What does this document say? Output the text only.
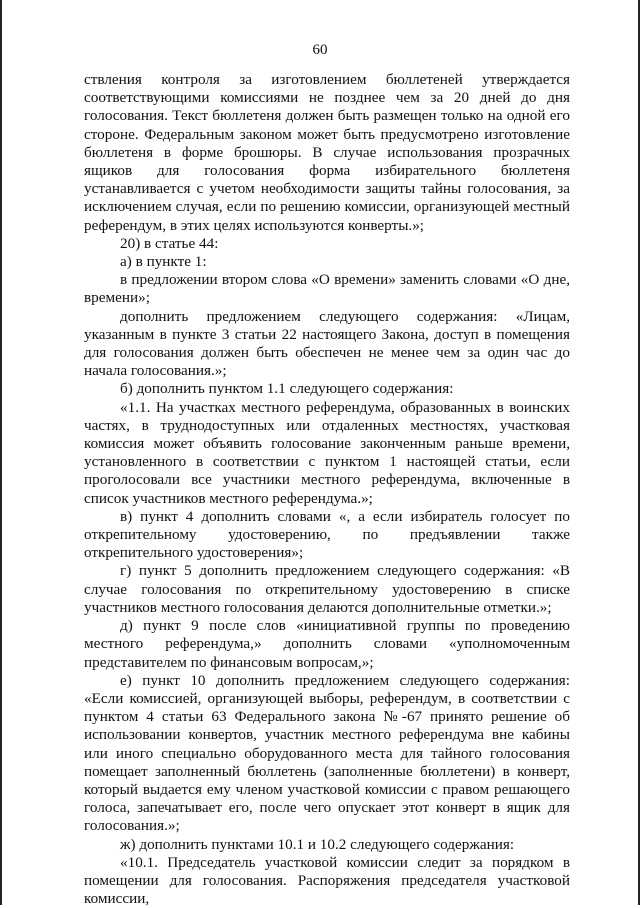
60

ствления контроля за изготовлением бюллетеней утверждается соответствующими комиссиями не позднее чем за 20 дней до дня голосования. Текст бюллетеня должен быть размещен только на одной его стороне. Федеральным законом может быть предусмотрено изготовление бюллетеня в форме брошюры. В случае использования прозрачных ящиков для голосования форма избирательного бюллетеня устанавливается с учетом необходимости защиты тайны голосования, за исключением случая, если по решению комиссии, организующей местный референдум, в этих целях используются конверты.»;

20) в статье 44:

а) в пункте 1:

в предложении втором слова «О времени» заменить словами «О дне, времени»;

дополнить предложением следующего содержания: «Лицам, указанным в пункте 3 статьи 22 настоящего Закона, доступ в помещения для голосования должен быть обеспечен не менее чем за один час до начала голосования.»;

б) дополнить пунктом 1.1 следующего содержания:

«1.1. На участках местного референдума, образованных в воинских частях, в труднодоступных или отдаленных местностях, участковая комиссия может объявить голосование законченным раньше времени, установленного в соответствии с пунктом 1 настоящей статьи, если проголосовали все участники местного референдума, включенные в список участников местного референдума.»;

в) пункт 4 дополнить словами «, а если избиратель голосует по открепительному удостоверению, по предъявлении также открепительного удостоверения»;

г) пункт 5 дополнить предложением следующего содержания: «В случае голосования по открепительному удостоверению в списке участников местного голосования делаются дополнительные отметки.»;

д) пункт 9 после слов «инициативной группы по проведению местного референдума,» дополнить словами «уполномоченным представителем по финансовым вопросам,»;

е) пункт 10 дополнить предложением следующего содержания: «Если комиссией, организующей выборы, референдум, в соответствии с пунктом 4 статьи 63 Федерального закона №-67 принято решение об использовании конвертов, участник местного референдума вне кабины или иного специально оборудованного места для тайного голосования помещает заполненный бюллетень (заполненные бюллетени) в конверт, который выдается ему членом участковой комиссии с правом решающего голоса, запечатывает его, после чего опускает этот конверт в ящик для голосования.»;

ж) дополнить пунктами 10.1 и 10.2 следующего содержания:

«10.1. Председатель участковой комиссии следит за порядком в помещении для голосования. Распоряжения председателя участковой комиссии,
